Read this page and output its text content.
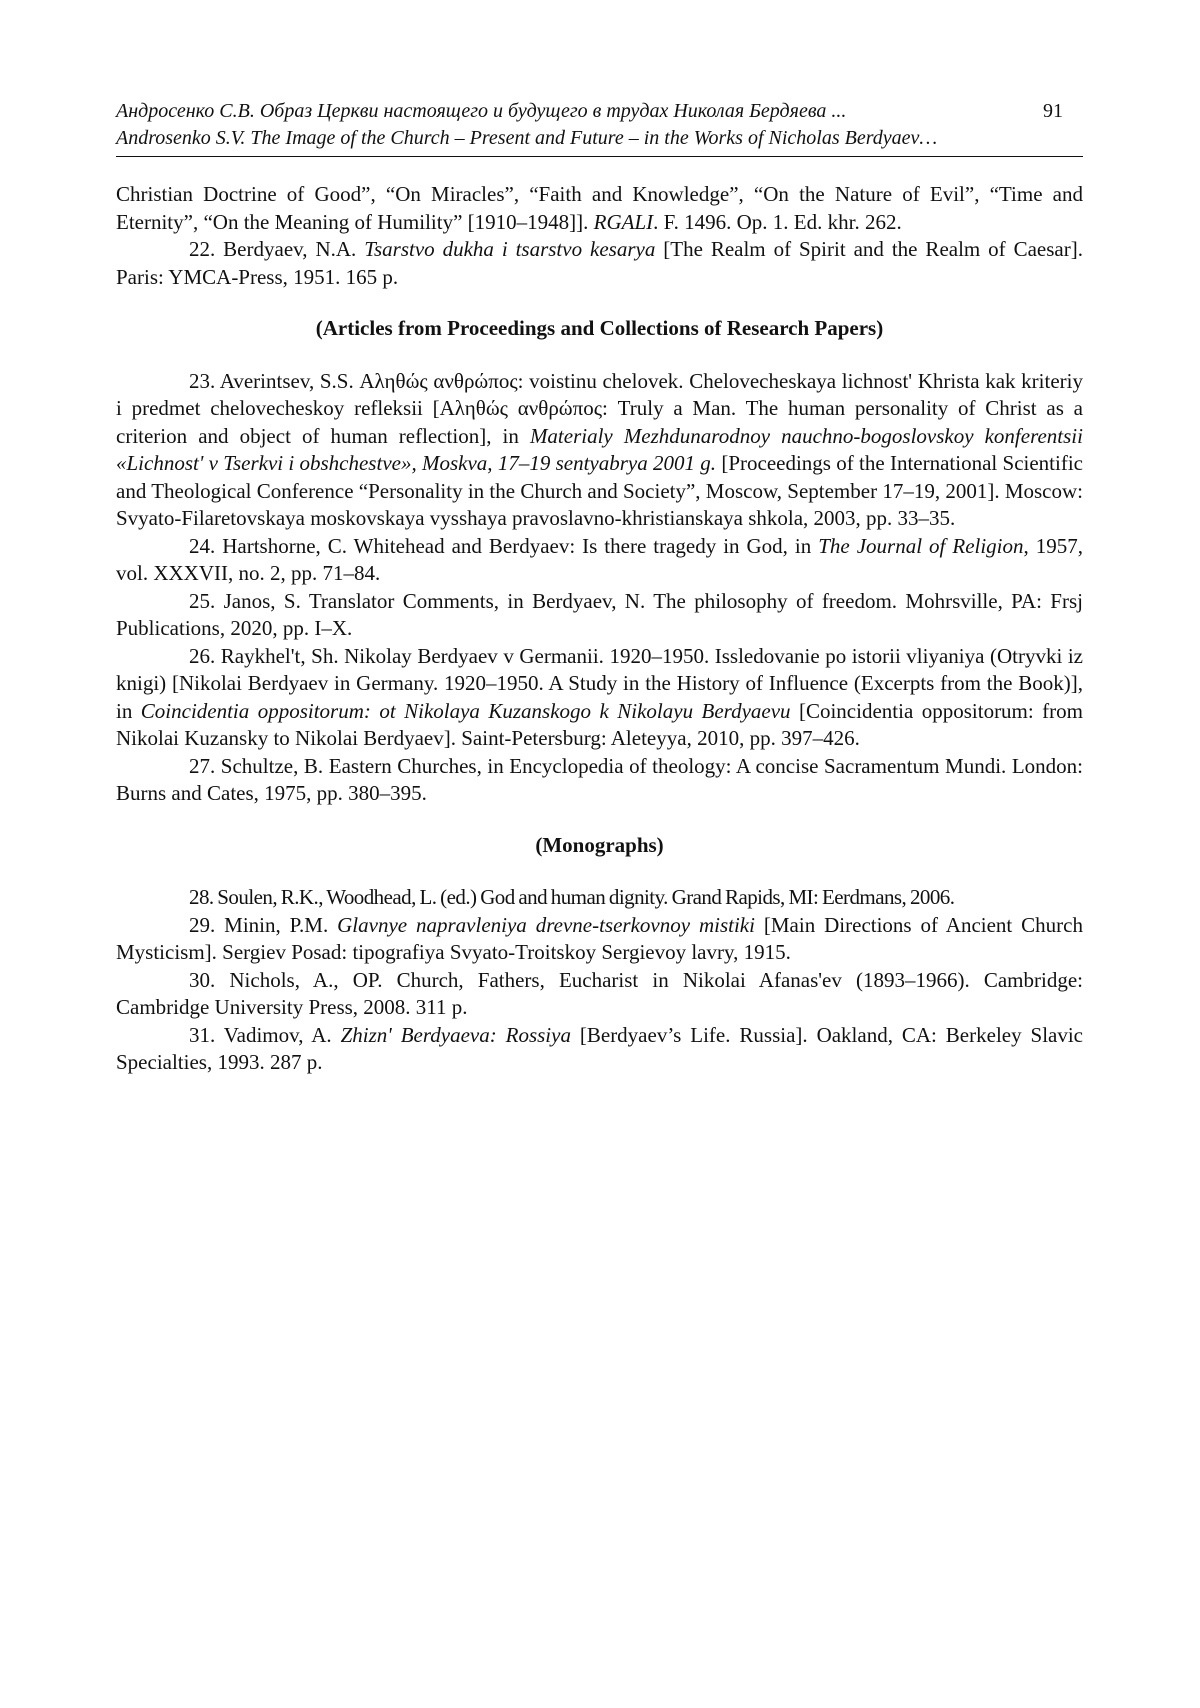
Андросенко С.В. Образ Церкви настоящего и будущего в трудах Николая Бердяева ...
Androsenko S.V. The Image of the Church – Present and Future – in the Works of Nicholas Berdyaev…
91

Christian Doctrine of Good”, “On Miracles”, “Faith and Knowledge”, “On the Nature of Evil”, “Time and Eternity”, “On the Meaning of Humility” [1910–1948]]. RGALI. F. 1496. Op. 1. Ed. khr. 262.

22. Berdyaev, N.A. Tsarstvo dukha i tsarstvo kesarya [The Realm of Spirit and the Realm of Caesar]. Paris: YMCA-Press, 1951. 165 p.

(Articles from Proceedings and Collections of Research Papers)

23. Averintsev, S.S. Αληθώς ανθρώπος: voistinu chelovek. Chelovecheskaya lichnost' Khrista kak kriteriy i predmet chelovecheskoy refleksii [Αληθώς ανθρώπος: Truly a Man. The human personality of Christ as a criterion and object of human reflection], in Materialy Mezhdunarodnoy nauchno-bogoslovskoy konferentsii «Lichnost' v Tserkvi i obshchestve», Moskva, 17–19 sentyabrya 2001 g. [Proceedings of the International Scientific and Theological Conference “Personality in the Church and Society”, Moscow, September 17–19, 2001]. Moscow: Svyato-Filaretovskaya moskovskaya vysshaya pravoslavno-khristianskaya shkola, 2003, pp. 33–35.

24. Hartshorne, C. Whitehead and Berdyaev: Is there tragedy in God, in The Journal of Religion, 1957, vol. XXXVII, no. 2, pp. 71–84.

25. Janos, S. Translator Comments, in Berdyaev, N. The philosophy of freedom. Mohrsville, PA: Frsj Publications, 2020, pp. I–X.

26. Raykhel't, Sh. Nikolay Berdyaev v Germanii. 1920–1950. Issledovanie po istorii vliyaniya (Otryvki iz knigi) [Nikolai Berdyaev in Germany. 1920–1950. A Study in the History of Influence (Excerpts from the Book)], in Coincidentia oppositorum: ot Nikolaya Kuzanskogo k Nikolayu Berdyaevu [Coincidentia oppositorum: from Nikolai Kuzansky to Nikolai Berdyaev]. Saint-Petersburg: Aleteyya, 2010, pp. 397–426.

27. Schultze, B. Eastern Churches, in Encyclopedia of theology: A concise Sacramentum Mundi. London: Burns and Cates, 1975, pp. 380–395.

(Monographs)

28. Soulen, R.K., Woodhead, L. (ed.) God and human dignity. Grand Rapids, MI: Eerdmans, 2006.

29. Minin, P.M. Glavnye napravleniya drevne-tserkovnoy mistiki [Main Directions of Ancient Church Mysticism]. Sergiev Posad: tipografiya Svyato-Troitskoy Sergievoy lavry, 1915.

30. Nichols, A., OP. Church, Fathers, Eucharist in Nikolai Afanas'ev (1893–1966). Cambridge: Cambridge University Press, 2008. 311 p.

31. Vadimov, A. Zhizn' Berdyaeva: Rossiya [Berdyaev’s Life. Russia]. Oakland, CA: Berkeley Slavic Specialties, 1993. 287 p.
